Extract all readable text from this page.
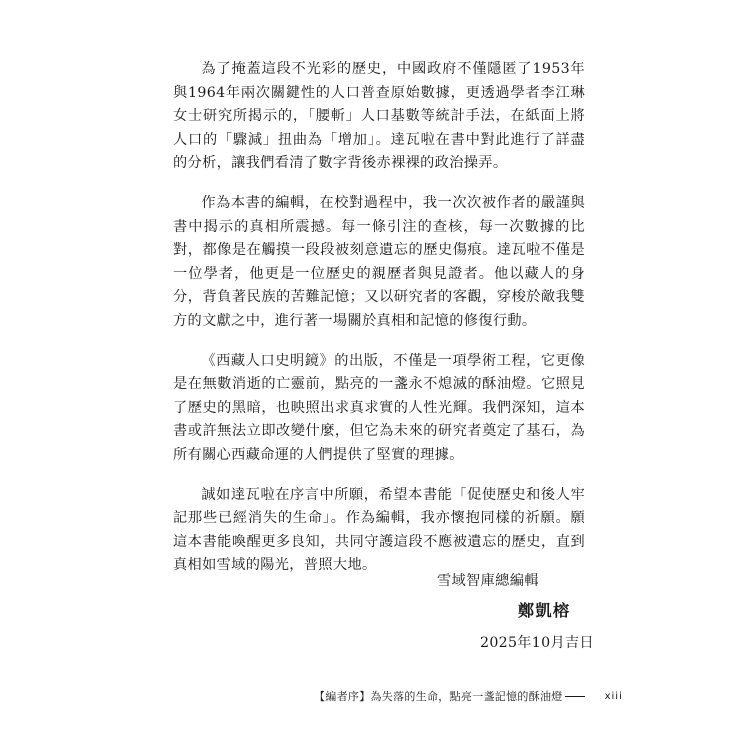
為了掩蓋這段不光彩的歷史，中國政府不僅隱匿了1953年與1964年兩次關鍵性的人口普查原始數據，更透過學者李江琳女士研究所揭示的，「腰斬」人口基數等統計手法，在紙面上將人口的「驟減」扭曲為「增加」。達瓦啦在書中對此進行了詳盡的分析，讓我們看清了數字背後赤裸裸的政治操弄。

作為本書的編輯，在校對過程中，我一次次被作者的嚴謹與書中揭示的真相所震撼。每一條引注的查核，每一次數據的比對，都像是在觸摸一段段被刻意遺忘的歷史傷痕。達瓦啦不僅是一位學者，他更是一位歷史的親歷者與見證者。他以藏人的身分，背負著民族的苦難記憶；又以研究者的客觀，穿梭於敵我雙方的文獻之中，進行著一場關於真相和記憶的修復行動。

《西藏人口史明鏡》的出版，不僅是一項學術工程，它更像是在無數消逝的亡靈前，點亮的一盞永不熄滅的酥油燈。它照見了歷史的黑暗，也映照出求真求實的人性光輝。我們深知，這本書或許無法立即改變什麼，但它為未來的研究者奠定了基石，為所有關心西藏命運的人們提供了堅實的理據。

誠如達瓦啦在序言中所願，希望本書能「促使歷史和後人牢記那些已經消失的生命」。作為編輯，我亦懷抱同樣的祈願。願這本書能喚醒更多良知，共同守護這段不應被遺忘的歷史，直到真相如雪域的陽光，普照大地。

雪域智庫總編輯
鄭凱榕
2025年10月吉日
【編者序】為失落的生命，點亮一盞記憶的酥油燈	xiii
